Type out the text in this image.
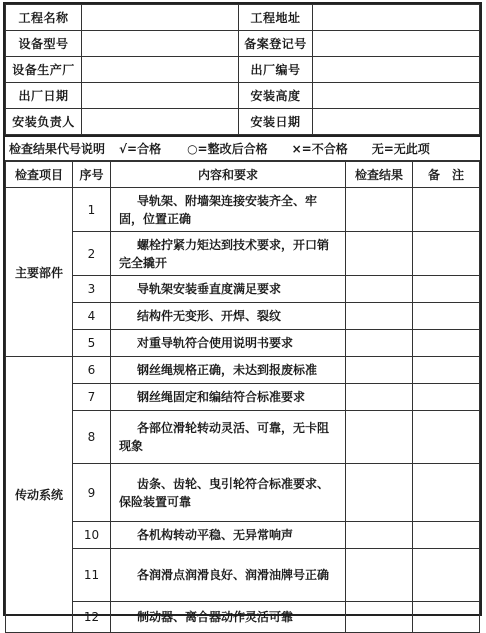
工程名称		工程地址	
设备型号		备案登记号	
设备生产厂		出厂编号	
出厂日期		安装高度	
安装负责人		安装日期	
检查结果代号说明 √=合格 ○=整改后合格 ×=不合格 无=无此项
检查项目	序号	内容和要求	检查结果	备　注
主要部件	1	导轨架、附墙架连接安装齐全、牢固，位置正确		
	2	螺栓拧紧力矩达到技术要求，开口销完全撬开		
	3	导轨架安装垂直度满足要求		
	4	结构件无变形、开焊、裂纹		
	5	对重导轨符合使用说明书要求		
传动系统	6	钢丝绳规格正确，未达到报废标准		
	7	钢丝绳固定和编结符合标准要求		
	8	各部位滑轮转动灵活、可靠，无卡阻现象		
	9	齿条、齿轮、曳引轮符合标准要求、保险装置可靠		
	10	各机构转动平稳、无异常响声		
	11	各润滑点润滑良好、润滑油牌号正确		
	12	制动器、离合器动作灵活可靠		
